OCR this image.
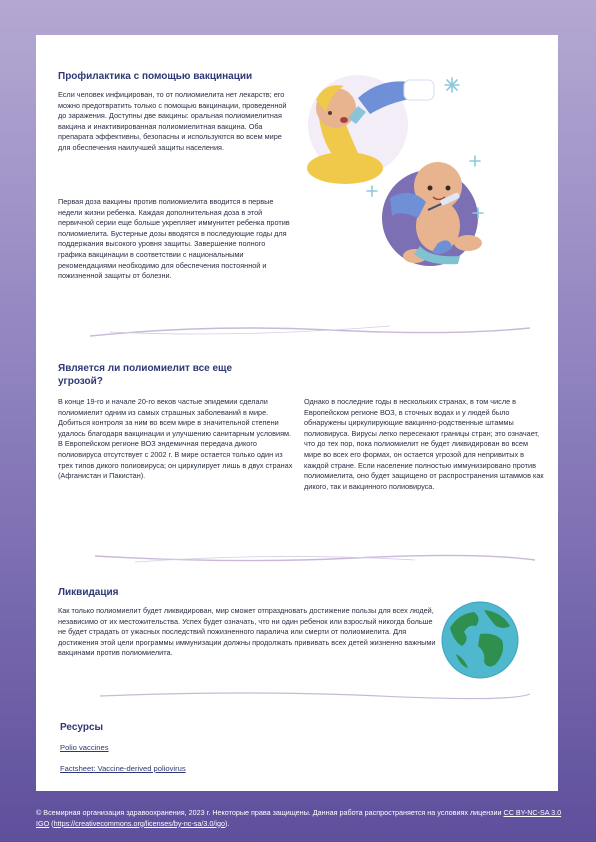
Профилактика с помощью вакцинации

Если человек инфицирован, то от полиомиелита нет лекарств; его можно предотвратить только с помощью вакцинации, проведенной до заражения. Доступны две вакцины: оральная полиомиелитная вакцина и инактивированная полиомиелитная вакцина. Оба препарата эффективны, безопасны и используются во всем мире для обеспечения наилучшей защиты населения.

Первая доза вакцины против полиомиелита вводится в первые недели жизни ребенка. Каждая дополнительная доза в этой первичной серии еще больше укрепляет иммунитет ребенка против полиомиелита. Бустерные дозы вводятся в последующие годы для поддержания высокого уровня защиты. Завершение полного графика вакцинации в соответствии с национальными рекомендациями необходимо для обеспечения постоянной и пожизненной защиты от болезни.

Является ли полиомиелит все еще угрозой?

В конце 19-го и начале 20-го веков частые эпидемии сделали полиомиелит одним из самых страшных заболеваний в мире. Добиться контроля за ним во всем мире в значительной степени удалось благодаря вакцинации и улучшению санитарным условиям. В Европейском регионе ВОЗ эндемичная передача дикого полиовируса отсутствует с 2002 г. В мире остается только один из трех типов дикого полиовируса; он циркулирует лишь в двух странах (Афганистан и Пакистан).

Однако в последние годы в нескольких странах, в том числе в Европейском регионе ВОЗ, в сточных водах и у людей было обнаружены циркулирующие вакцинно-родственные штаммы полиовируса. Вирусы легко пересекают границы стран; это означает, что до тех пор, пока полиомиелит не будет ликвидирован во всем мире во всех его формах, он остается угрозой для непривитых в каждой стране. Если население полностью иммунизировано против полиомиелита, оно будет защищено от распространения штаммов как дикого, так и вакцинного полиовируса.

Ликвидация

Как только полиомиелит будет ликвидирован, мир сможет отпраздновать достижение пользы для всех людей, независимо от их местожительства. Успех будет означать, что ни один ребенок или взрослый никогда больше не будет страдать от ужасных последствий пожизненного паралича или смерти от полиомиелита. Для достижения этой цели программы иммунизации должны продолжать прививать всех детей жизненно важными вакцинами против полиомиелита.

Ресурсы
Polio vaccines
Factsheet: Vaccine-derived poliovirus

© Всемирная организация здравоохранения, 2023 г. Некоторые права защищены. Данная работа распространяется на условиях лицензии CC BY-NC-SA 3.0 IGO (https://creativecommons.org/licenses/by-nc-sa/3.0/igo).
